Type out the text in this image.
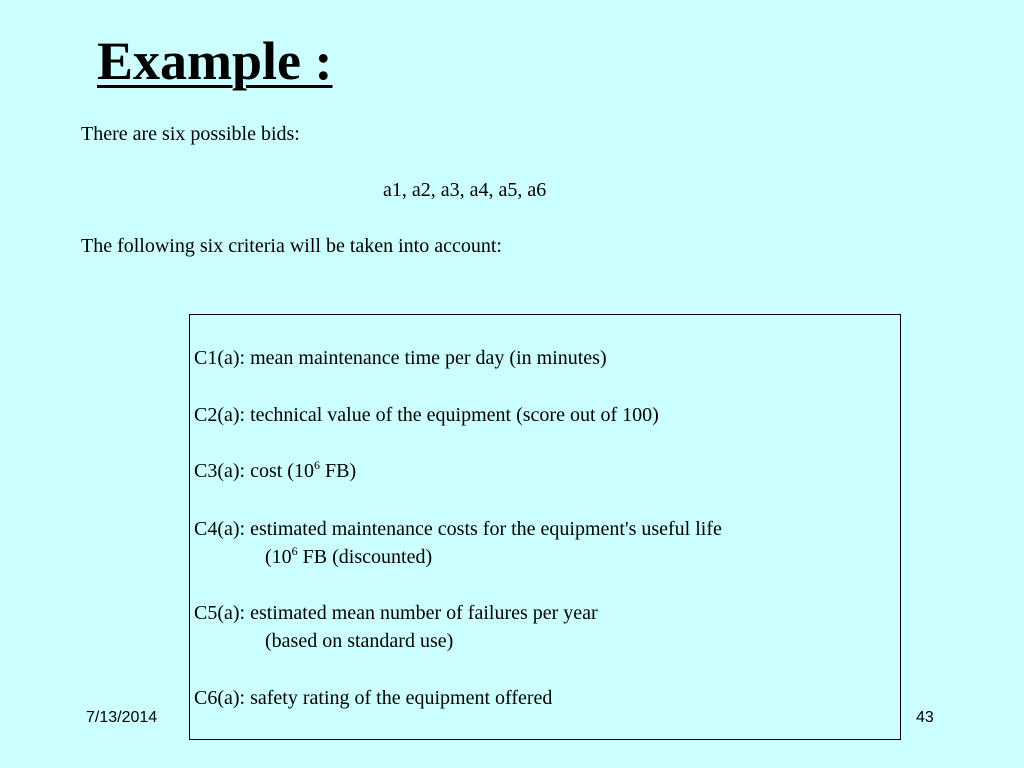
Example :
There are six possible bids:
a1, a2, a3, a4, a5, a6
The following six criteria will be taken into account:
C1(a): mean maintenance time per day (in minutes)
C2(a): technical value of the equipment (score out of 100)
C3(a): cost ($10^6$ FB)
C4(a): estimated maintenance costs for the equipment's useful life
($10^6$ FB (discounted)
C5(a): estimated mean number of failures per year
(based on standard use)
C6(a): safety rating of the equipment offered
7/13/2014	43
